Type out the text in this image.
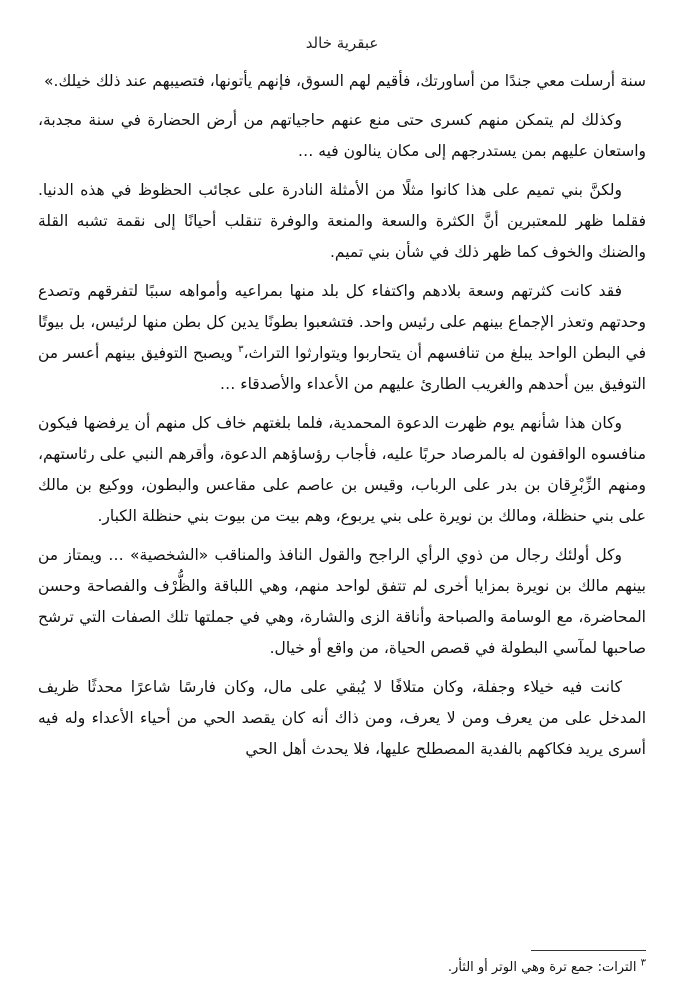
عبقرية خالد

سنة أرسلت معي جندًا من أساورتك، فأقيم لهم السوق، فإنهم يأتونها، فتصيبهم عند ذلك خيلك.»

وكذلك لم يتمكن منهم كسرى حتى منع عنهم حاجياتهم من أرض الحضارة في سنة مجدبة، واستعان عليهم بمن يستدرجهم إلى مكان ينالون فيه …

ولكنَّ بني تميم على هذا كانوا مثلًا من الأمثلة النادرة على عجائب الحظوظ في هذه الدنيا. فقلما ظهر للمعتبرين أنَّ الكثرة والسعة والمنعة والوفرة تنقلب أحيانًا إلى نقمة تشبه القلة والضنك والخوف كما ظهر ذلك في شأن بني تميم.

فقد كانت كثرتهم وسعة بلادهم واكتفاء كل بلد منها بمراعيه وأمواهه سببًا لتفرقهم وتصدع وحدتهم وتعذر الإجماع بينهم على رئيس واحد. فتشعبوا بطونًا يدين كل بطن منها لرئيس، بل بيوتًا في البطن الواحد يبلغ من تنافسهم أن يتحاربوا ويتوارثوا التراث،$^٣$ ويصبح التوفيق بينهم أعسر من التوفيق بين أحدهم والغريب الطارئ عليهم من الأعداء والأصدقاء …

وكان هذا شأنهم يوم ظهرت الدعوة المحمدية، فلما بلغتهم خاف كل منهم أن يرفضها فيكون منافسوه الواقفون له بالمرصاد حربًا عليه، فأجاب رؤساؤهم الدعوة، وأقرهم النبي على رئاستهم، ومنهم الزِّبْرِقان بن بدر على الرباب، وقيس بن عاصم على مقاعس والبطون، ووكيع بن مالك على بني حنظلة، ومالك بن نويرة على بني يربوع، وهم بيت من بيوت بني حنظلة الكبار.

وكل أولئك رجال من ذوي الرأي الراجح والقول النافذ والمناقب «الشخصية» … ويمتاز من بينهم مالك بن نويرة بمزايا أخرى لم تتفق لواحد منهم، وهي اللباقة والظُّرْف والفصاحة وحسن المحاضرة، مع الوسامة والصباحة وأناقة الزى والشارة، وهي في جملتها تلك الصفات التي ترشح صاحبها لمآسي البطولة في قصص الحياة، من واقع أو خيال.

كانت فيه خيلاء وجفلة، وكان متلافًا لا يُبقي على مال، وكان فارسًا شاعرًا محدثًا ظريف المدخل على من يعرف ومن لا يعرف، ومن ذاك أنه كان يقصد الحي من أحياء الأعداء وله فيه أسرى يريد فكاكهم بالفدية المصطلح عليها، فلا يحدث أهل الحي

$^٣$ الترات: جمع ترة وهي الوتر أو الثأر.
